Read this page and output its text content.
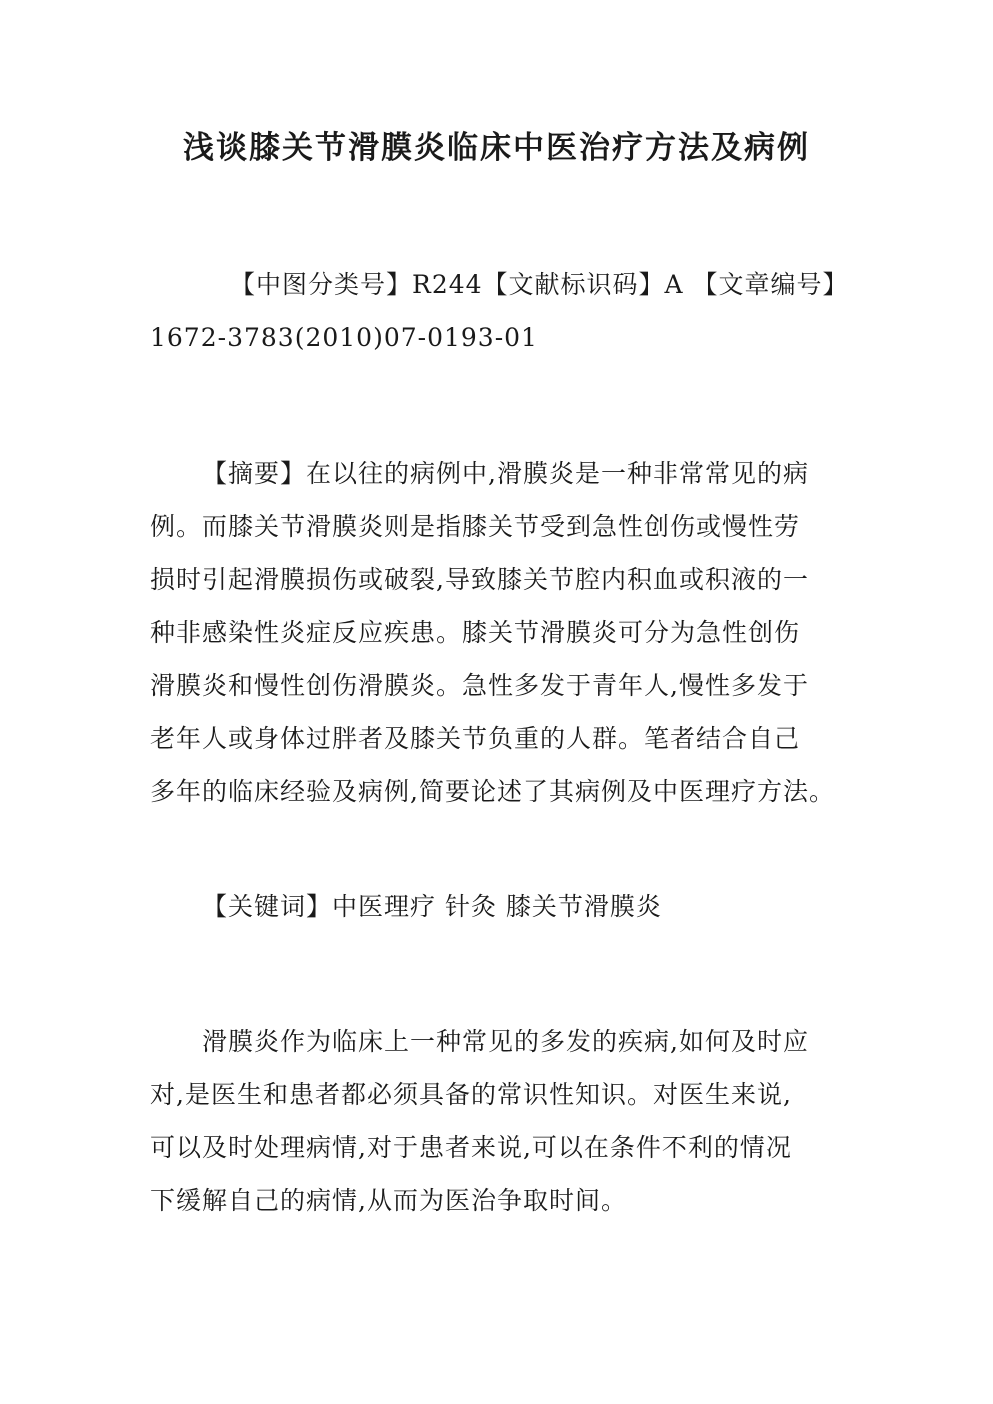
浅谈膝关节滑膜炎临床中医治疗方法及病例
【中图分类号】R244【文献标识码】A 【文章编号】
1672-3783(2010)07-0193-01
【摘要】在以往的病例中,滑膜炎是一种非常常见的病
例。而膝关节滑膜炎则是指膝关节受到急性创伤或慢性劳
损时引起滑膜损伤或破裂,导致膝关节腔内积血或积液的一
种非感染性炎症反应疾患。膝关节滑膜炎可分为急性创伤
滑膜炎和慢性创伤滑膜炎。急性多发于青年人,慢性多发于
老年人或身体过胖者及膝关节负重的人群。笔者结合自己
多年的临床经验及病例,简要论述了其病例及中医理疗方法。
【关键词】中医理疗 针灸 膝关节滑膜炎
滑膜炎作为临床上一种常见的多发的疾病,如何及时应
对,是医生和患者都必须具备的常识性知识。对医生来说,
可以及时处理病情,对于患者来说,可以在条件不利的情况
下缓解自己的病情,从而为医治争取时间。
